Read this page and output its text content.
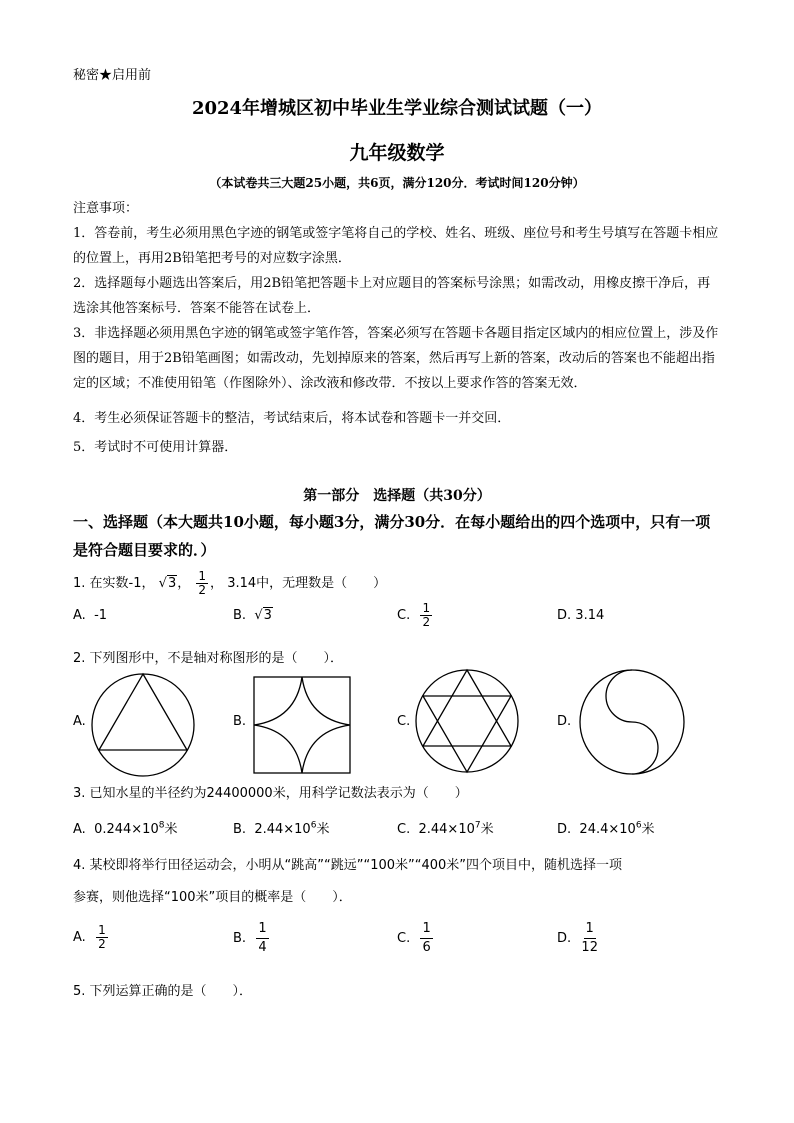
秘密★启用前
2024年增城区初中毕业生学业综合测试试题（一）
九年级数学
（本试卷共三大题25小题，共6页，满分120分．考试时间120分钟）
注意事项：
1．答卷前，考生必须用黑色字迹的钢笔或签字笔将自己的学校、姓名、班级、座位号和考生号填写在答题卡相应的位置上，再用2B铅笔把考号的对应数字涂黑．
2．选择题每小题选出答案后，用2B铅笔把答题卡上对应题目的答案标号涂黑；如需改动，用橡皮擦干净后，再选涂其他答案标号．答案不能答在试卷上．
3．非选择题必须用黑色字迹的钢笔或签字笔作答，答案必须写在答题卡各题目指定区域内的相应位置上，涉及作图的题目，用于2B铅笔画图；如需改动，先划掉原来的答案，然后再写上新的答案，改动后的答案也不能超出指定的区域；不准使用铅笔（作图除外）、涂改液和修改带．不按以上要求作答的答案无效．
4．考生必须保证答题卡的整洁，考试结束后，将本试卷和答题卡一并交回．
5．考试时不可使用计算器．
第一部分　选择题（共30分）
一、选择题（本大题共10小题，每小题3分，满分30分．在每小题给出的四个选项中，只有一项是符合题目要求的．）
1. 在实数-1， √3， $\frac{1}{2}$ ， 3.14中，无理数是（　　）
A. -1	B. √3	C. $\frac{1}{2}$	D. 3.14
2. 下列图形中，不是轴对称图形的是（　　）．
A.	B.	C.	D.
3. 已知水星的半径约为24400000米，用科学记数法表示为（　　）
A. $0.244\times 10^8$米	B. $2.44\times 10^6$米	C. $2.44\times 10^7$米	D. $24.4\times 10^6$米
4. 某校即将举行田径运动会，小明从“跳高”“跳远”“100米”“400米”四个项目中，随机选择一项
参赛，则他选择“100米”项目的概率是（　　）．
A. $\frac{1}{2}$	B. $\frac{1}{4}$	C. $\frac{1}{6}$	D. $\frac{1}{12}$
5. 下列运算正确的是（　　）．
